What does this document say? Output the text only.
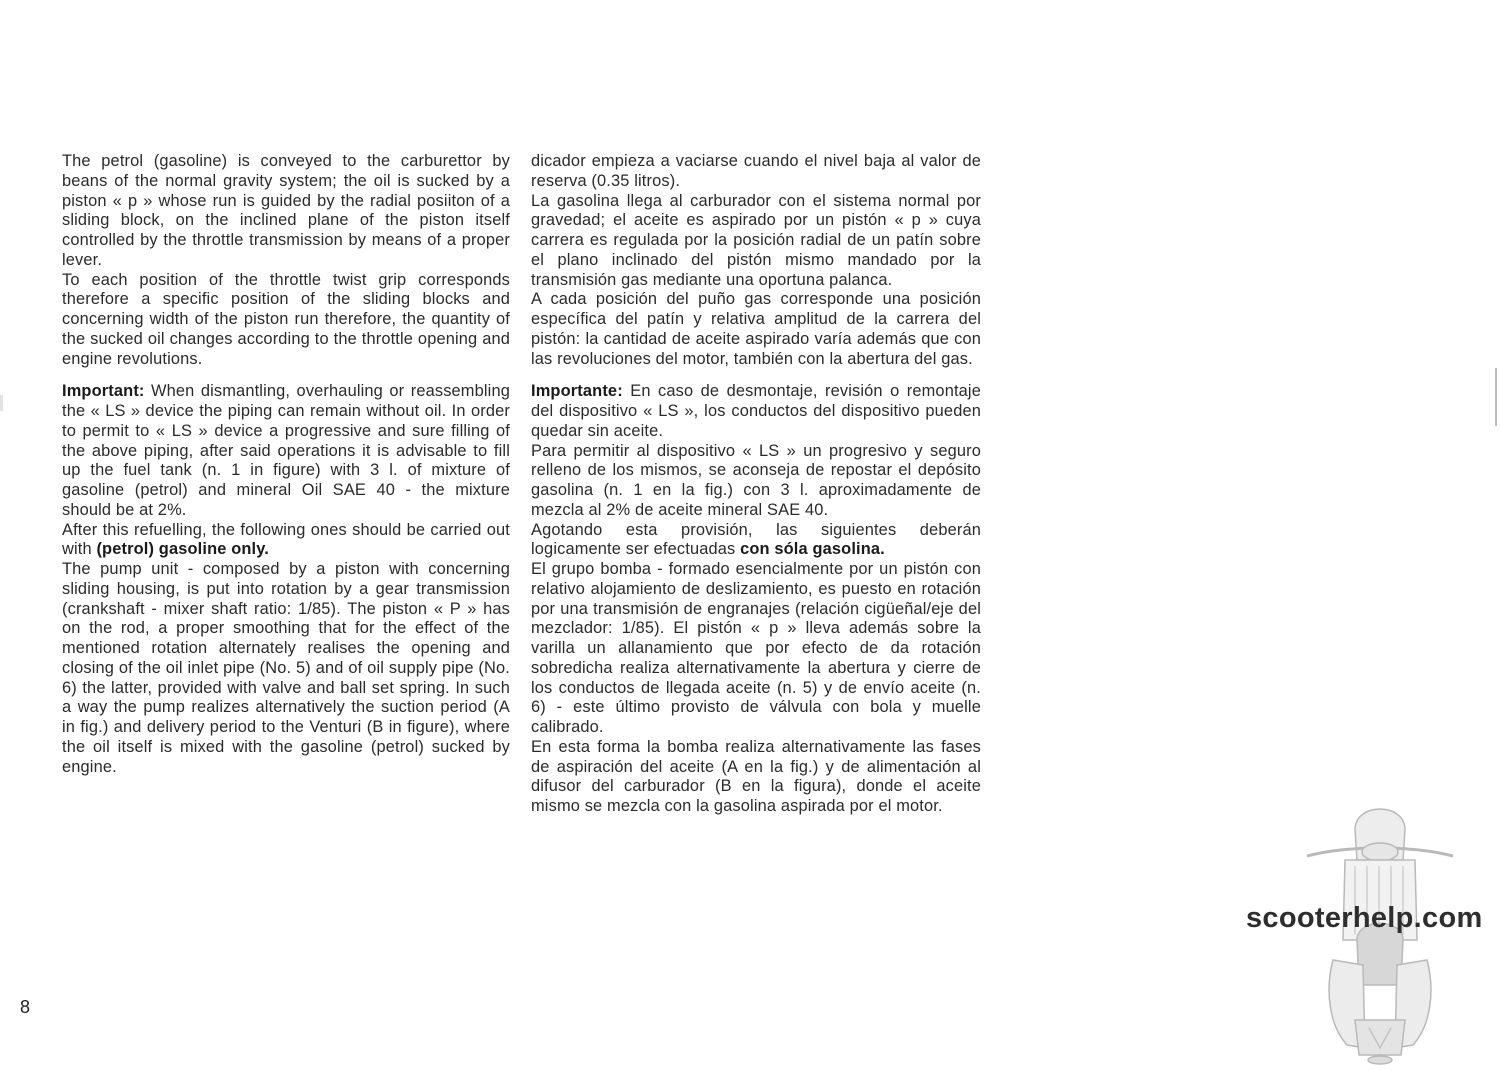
The petrol (gasoline) is conveyed to the carburettor by beans of the normal gravity system; the oil is sucked by a piston « p » whose run is guided by the radial posiiton of a sliding block, on the inclined plane of the piston itself controlled by the throttle transmission by means of a proper lever.

To each position of the throttle twist grip corresponds therefore a specific position of the sliding blocks and concerning width of the piston run therefore, the quantity of the sucked oil changes according to the throttle opening and engine revolutions.

Important: When dismantling, overhauling or reassembling the « LS » device the piping can remain without oil. In order to permit to « LS » device a progressive and sure filling of the above piping, after said operations it is advisable to fill up the fuel tank (n. 1 in figure) with 3 l. of mixture of gasoline (petrol) and mineral Oil SAE 40 - the mixture should be at 2%.

After this refuelling, the following ones should be carried out with (petrol) gasoline only.

The pump unit - composed by a piston with concerning sliding housing, is put into rotation by a gear transmission (crankshaft - mixer shaft ratio: 1/85). The piston « P » has on the rod, a proper smoothing that for the effect of the mentioned rotation alternately realises the opening and closing of the oil inlet pipe (No. 5) and of oil supply pipe (No. 6) the latter, provided with valve and ball set spring. In such a way the pump realizes alternatively the suction period (A in fig.) and delivery period to the Venturi (B in figure), where the oil itself is mixed with the gasoline (petrol) sucked by engine.

dicador empieza a vaciarse cuando el nivel baja al valor de reserva (0.35 litros).

La gasolina llega al carburador con el sistema normal por gravedad; el aceite es aspirado por un pistón « p » cuya carrera es regulada por la posición radial de un patín sobre el plano inclinado del pistón mismo mandado por la transmisión gas mediante una oportuna palanca.

A cada posición del puño gas corresponde una posición específica del patín y relativa amplitud de la carrera del pistón: la cantidad de aceite aspirado varía además que con las revoluciones del motor, también con la abertura del gas.

Importante: En caso de desmontaje, revisión o remontaje del dispositivo « LS », los conductos del dispositivo pueden quedar sin aceite.

Para permitir al dispositivo « LS » un progresivo y seguro relleno de los mismos, se aconseja de repostar el depósito gasolina (n. 1 en la fig.) con 3 l. aproximadamente de mezcla al 2% de aceite mineral SAE 40.

Agotando esta provisión, las siguientes deberán logicamente ser efectuadas con sóla gasolina.

El grupo bomba - formado esencialmente por un pistón con relativo alojamiento de deslizamiento, es puesto en rotación por una transmisión de engranajes (relación cigüeñal/eje del mezclador: 1/85). El pistón « p » lleva además sobre la varilla un allanamiento que por efecto de da rotación sobredicha realiza alternativamente la abertura y cierre de los conductos de llegada aceite (n. 5) y de envío aceite (n. 6) - este último provisto de válvula con bola y muelle calibrado.

En esta forma la bomba realiza alternativamente las fases de aspiración del aceite (A en la fig.) y de alimentación al difusor del carburador (B en la figura), donde el aceite mismo se mezcla con la gasolina aspirada por el motor.

8
scooterhelp.com
